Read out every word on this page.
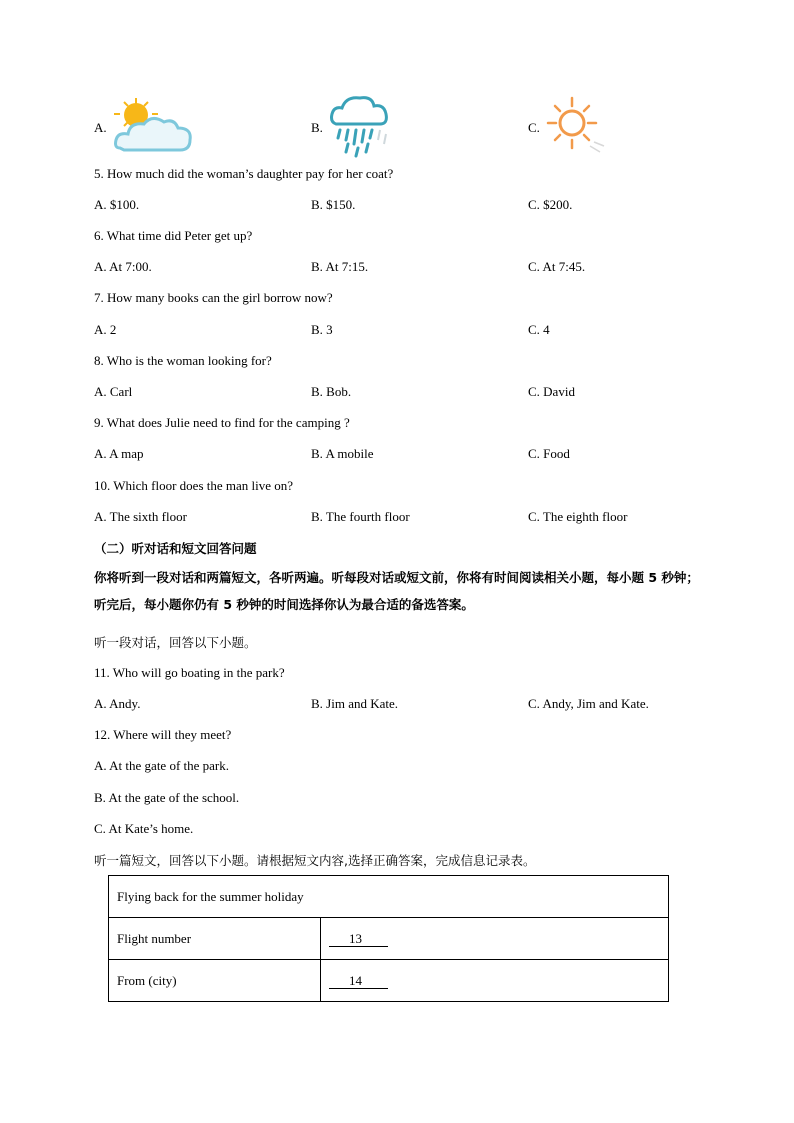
A.	B.	C.
5. How much did the woman’s daughter pay for her coat?
A. $100.	B. $150.	C. $200.
6. What time did Peter get up?
A. At 7:00.	B. At 7:15.	C. At 7:45.
7. How many books can the girl borrow now?
A. 2	B. 3	C. 4
8. Who is the woman looking for?
A. Carl	B. Bob.	C. David
9. What does Julie need to find for the camping ?
A. A map	B. A mobile	C. Food
10. Which floor does the man live on?
A. The sixth floor	B. The fourth floor	C. The eighth floor
（二）听对话和短文回答问题
你将听到一段对话和两篇短文，各听两遍。听每段对话或短文前，你将有时间阅读相关小题，每小题 5 秒钟；听完后，每小题你仍有 5 秒钟的时间选择你认为最合适的备选答案。
听一段对话，回答以下小题。
11. Who will go boating in the park?
A. Andy.	B. Jim and Kate.	C. Andy, Jim and Kate.
12. Where will they meet?
A. At the gate of the park.
B. At the gate of the school.
C. At Kate’s home.
听一篇短文，回答以下小题。请根据短文内容,选择正确答案，完成信息记录表。
Flying back for the summer holiday	
Flight number	13
From (city)	14
